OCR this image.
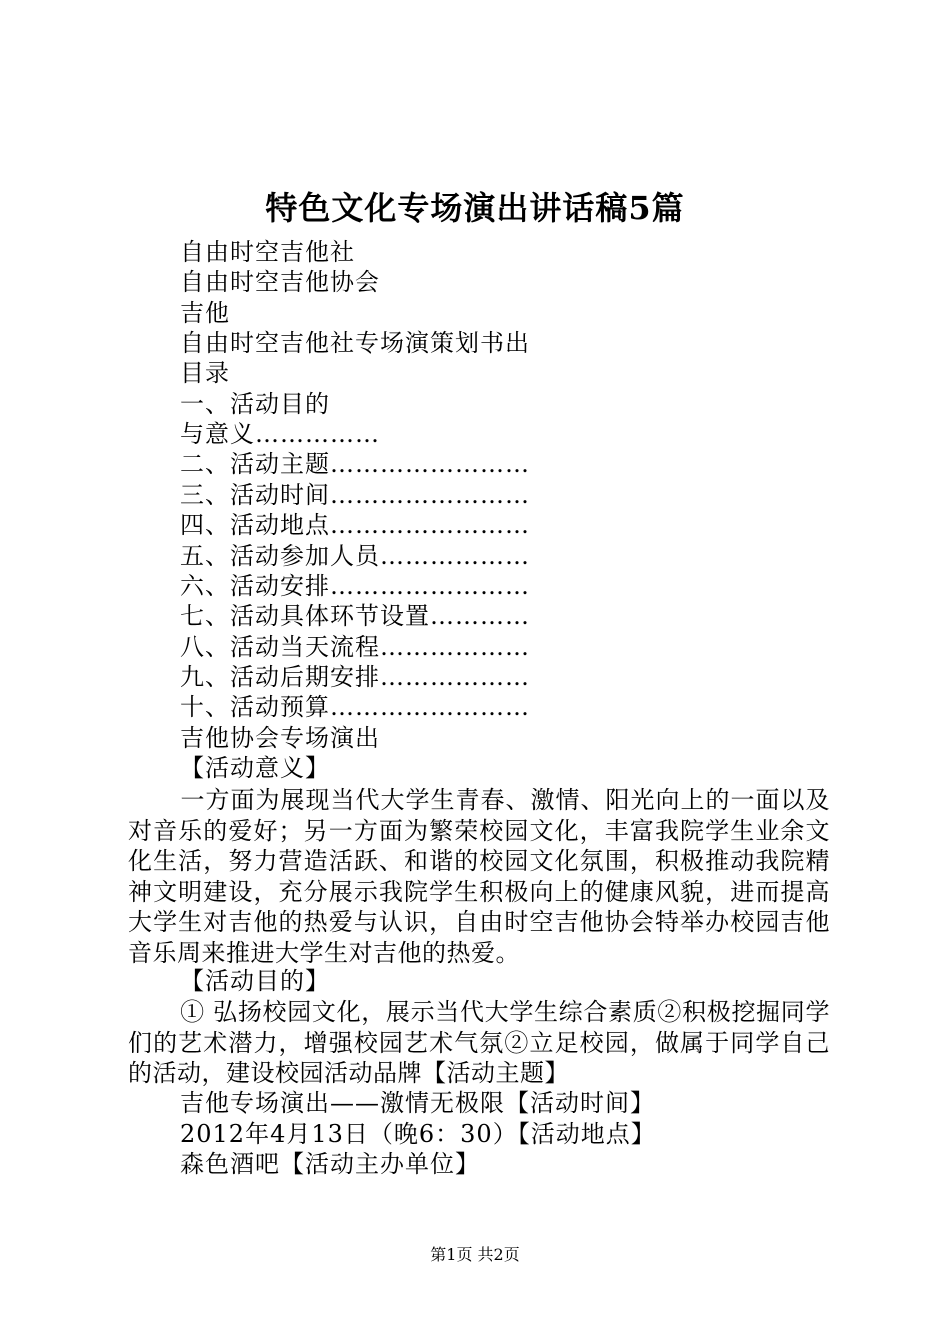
特色文化专场演出讲话稿5篇
自由时空吉他社
自由时空吉他协会
吉他
自由时空吉他社专场演策划书出
目录
一、活动目的
与意义……………
二、活动主题……………………
三、活动时间……………………
四、活动地点……………………
五、活动参加人员………………
六、活动安排……………………
七、活动具体环节设置…………
八、活动当天流程………………
九、活动后期安排………………
十、活动预算……………………
吉他协会专场演出
【活动意义】
一方面为展现当代大学生青春、激情、阳光向上的一面以及对音乐的爱好；另一方面为繁荣校园文化，丰富我院学生业余文化生活，努力营造活跃、和谐的校园文化氛围，积极推动我院精神文明建设，充分展示我院学生积极向上的健康风貌，进而提高大学生对吉他的热爱与认识，自由时空吉他协会特举办校园吉他音乐周来推进大学生对吉他的热爱。
【活动目的】
① 弘扬校园文化，展示当代大学生综合素质②积极挖掘同学们的艺术潜力，增强校园艺术气氛②立足校园，做属于同学自己的活动，建设校园活动品牌【活动主题】
吉他专场演出——激情无极限【活动时间】
2012年4月13日（晚6：30）【活动地点】
森色酒吧【活动主办单位】
第1页 共2页
